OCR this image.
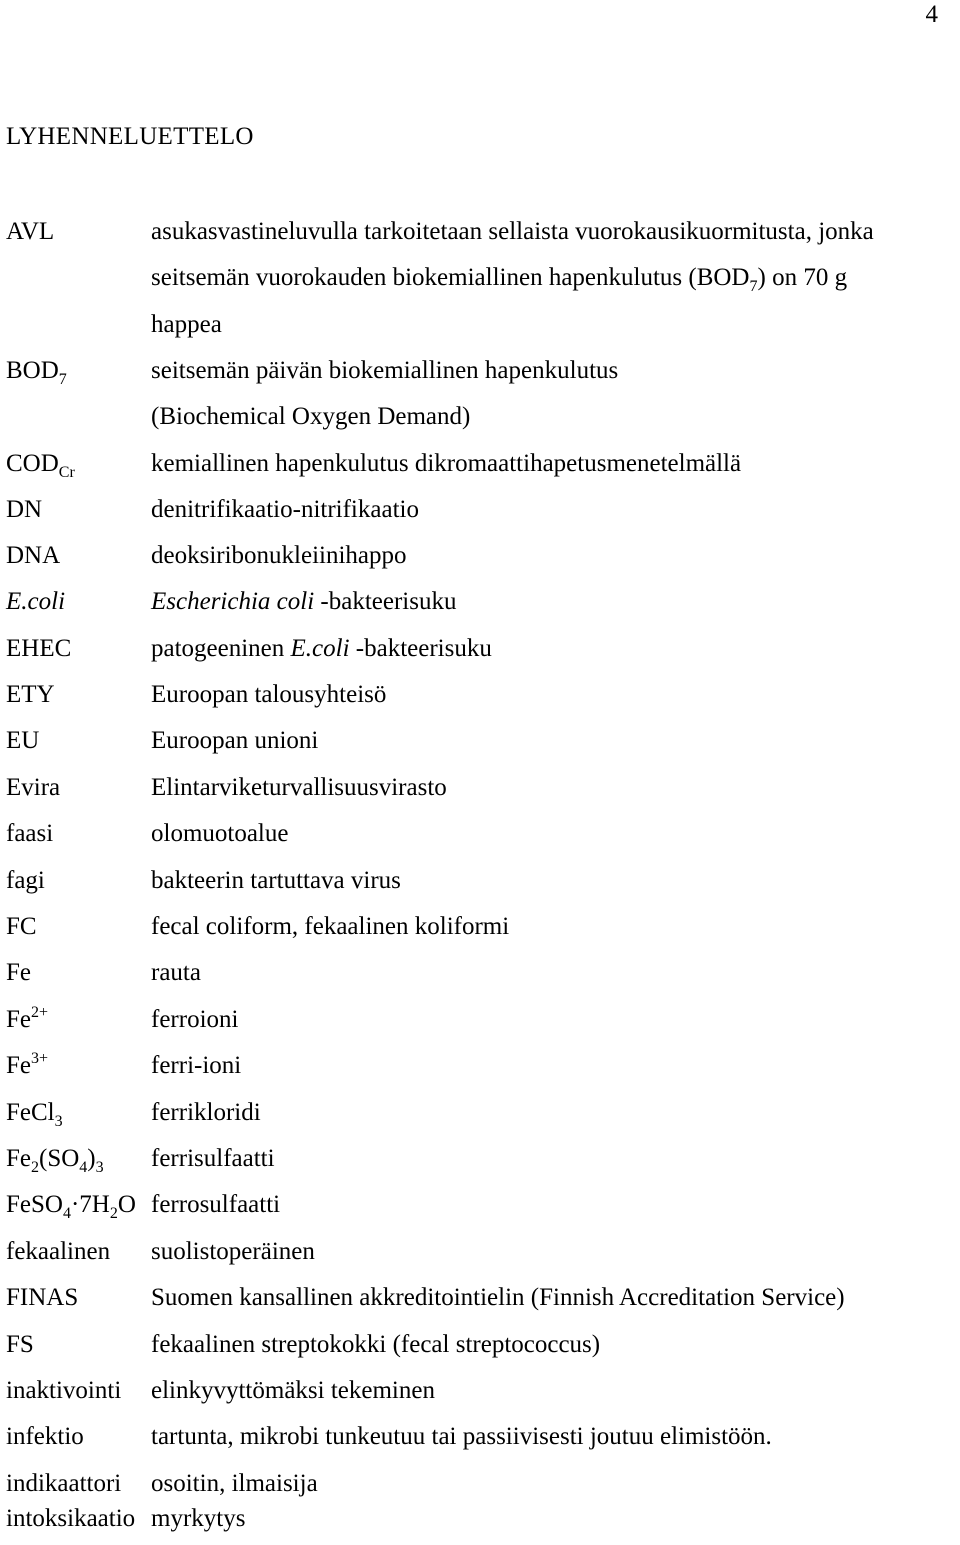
4
LYHENNELUETTELO
AVL	asukasvastineluvulla tarkoitetaan sellaista vuorokausikuormitusta, jonka
seitsemän vuorokauden biokemiallinen hapenkulutus $(BOD_7)$ on 70 g
happea
$BOD_7$	seitsemän päivän biokemiallinen hapenkulutus
(Biochemical Oxygen Demand)
$COD_{Cr}$	kemiallinen hapenkulutus dikromaattihapetusmenetelmällä
DN	denitrifikaatio-nitrifikaatio
DNA	deoksiribonukleiinihappo
E.coli	Escherichia coli -bakteerisuku
EHEC	patogeeninen E.coli -bakteerisuku
ETY	Euroopan talousyhteisö
EU	Euroopan unioni
Evira	Elintarviketurvallisuusvirasto
faasi	olomuotoalue
fagi	bakteerin tartuttava virus
FC	fecal coliform, fekaalinen koliformi
Fe	rauta
$Fe^{2+}$	ferroioni
$Fe^{3+}$	ferri-ioni
FeCl$_3$	ferrikloridi
$Fe_2(SO_4)_3$ ferrisulfaatti
$FeSO_4\cdot 7H_2O$ ferrosulfaatti
fekaalinen suolistoperäinen
FINAS	Suomen kansallinen akkreditointielin (Finnish Accreditation Service)
FS	fekaalinen streptokokki (fecal streptococcus)
inaktivointi elinkyvyttömäksi tekeminen
infektio	tartunta, mikrobi tunkeutuu tai passiivisesti joutuu elimistöön.
indikaattori osoitin, ilmaisija
intoksikaatio myrkytys
